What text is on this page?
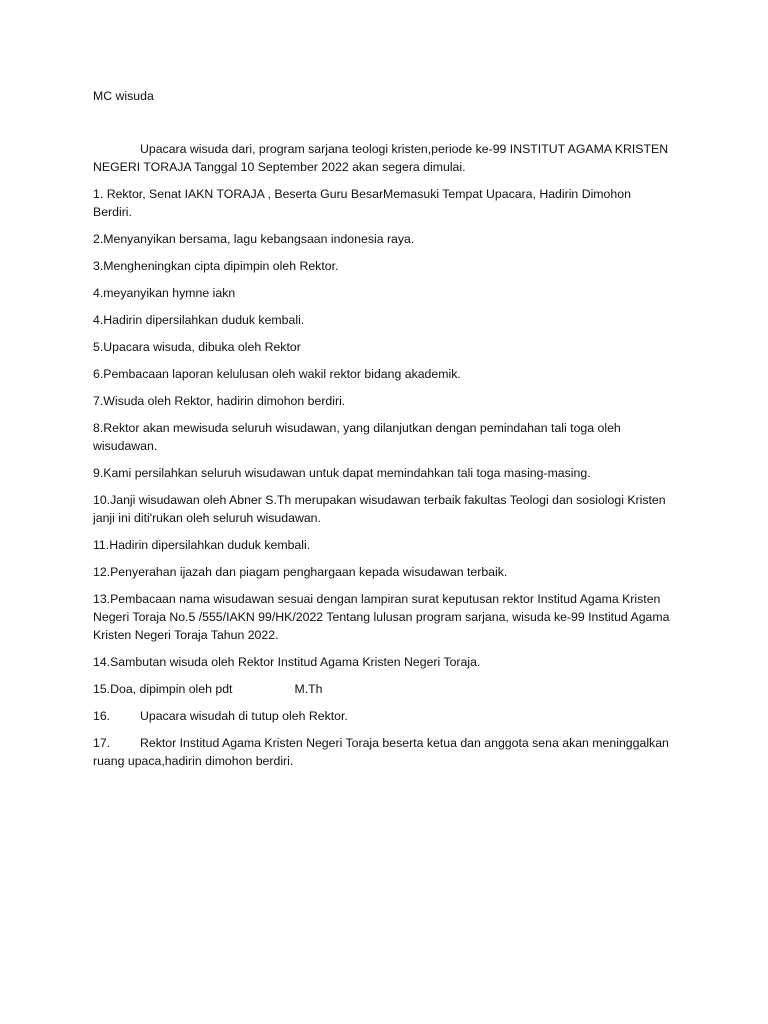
MC wisuda

Upacara wisuda dari, program sarjana teologi kristen,periode ke-99 INSTITUT AGAMA KRISTEN NEGERI TORAJA Tanggal 10 September 2022 akan segera dimulai.

1. Rektor, Senat IAKN TORAJA , Beserta Guru BesarMemasuki Tempat Upacara, Hadirin Dimohon Berdiri.

2.Menyanyikan bersama, lagu kebangsaan indonesia raya.

3.Mengheningkan cipta dipimpin oleh Rektor.

4.meyanyikan hymne iakn

4.Hadirin dipersilahkan duduk kembali.

5.Upacara wisuda, dibuka oleh Rektor

6.Pembacaan laporan kelulusan oleh wakil rektor bidang akademik.

7.Wisuda oleh Rektor, hadirin dimohon berdiri.

8.Rektor akan mewisuda seluruh wisudawan, yang dilanjutkan dengan pemindahan tali toga oleh wisudawan.

9.Kami persilahkan seluruh wisudawan untuk dapat memindahkan tali toga masing-masing.

10.Janji wisudawan oleh Abner S.Th merupakan wisudawan terbaik fakultas Teologi dan sosiologi Kristen janji ini diti'rukan oleh seluruh wisudawan.

11.Hadirin dipersilahkan duduk kembali.

12.Penyerahan ijazah dan piagam penghargaan kepada wisudawan terbaik.

13.Pembacaan nama wisudawan sesuai dengan lampiran surat keputusan rektor Institud Agama Kristen Negeri Toraja No.5 /555/IAKN 99/HK/2022 Tentang lulusan program sarjana, wisuda ke-99 Institud Agama Kristen Negeri Toraja Tahun 2022.

14.Sambutan wisuda oleh Rektor Institud Agama Kristen Negeri Toraja.

15.Doa, dipimpin oleh pdt	M.Th

16. Upacara wisudah di tutup oleh Rektor.

17. Rektor Institud Agama Kristen Negeri Toraja beserta ketua dan anggota sena akan meninggalkan ruang upaca,hadirin dimohon berdiri.
